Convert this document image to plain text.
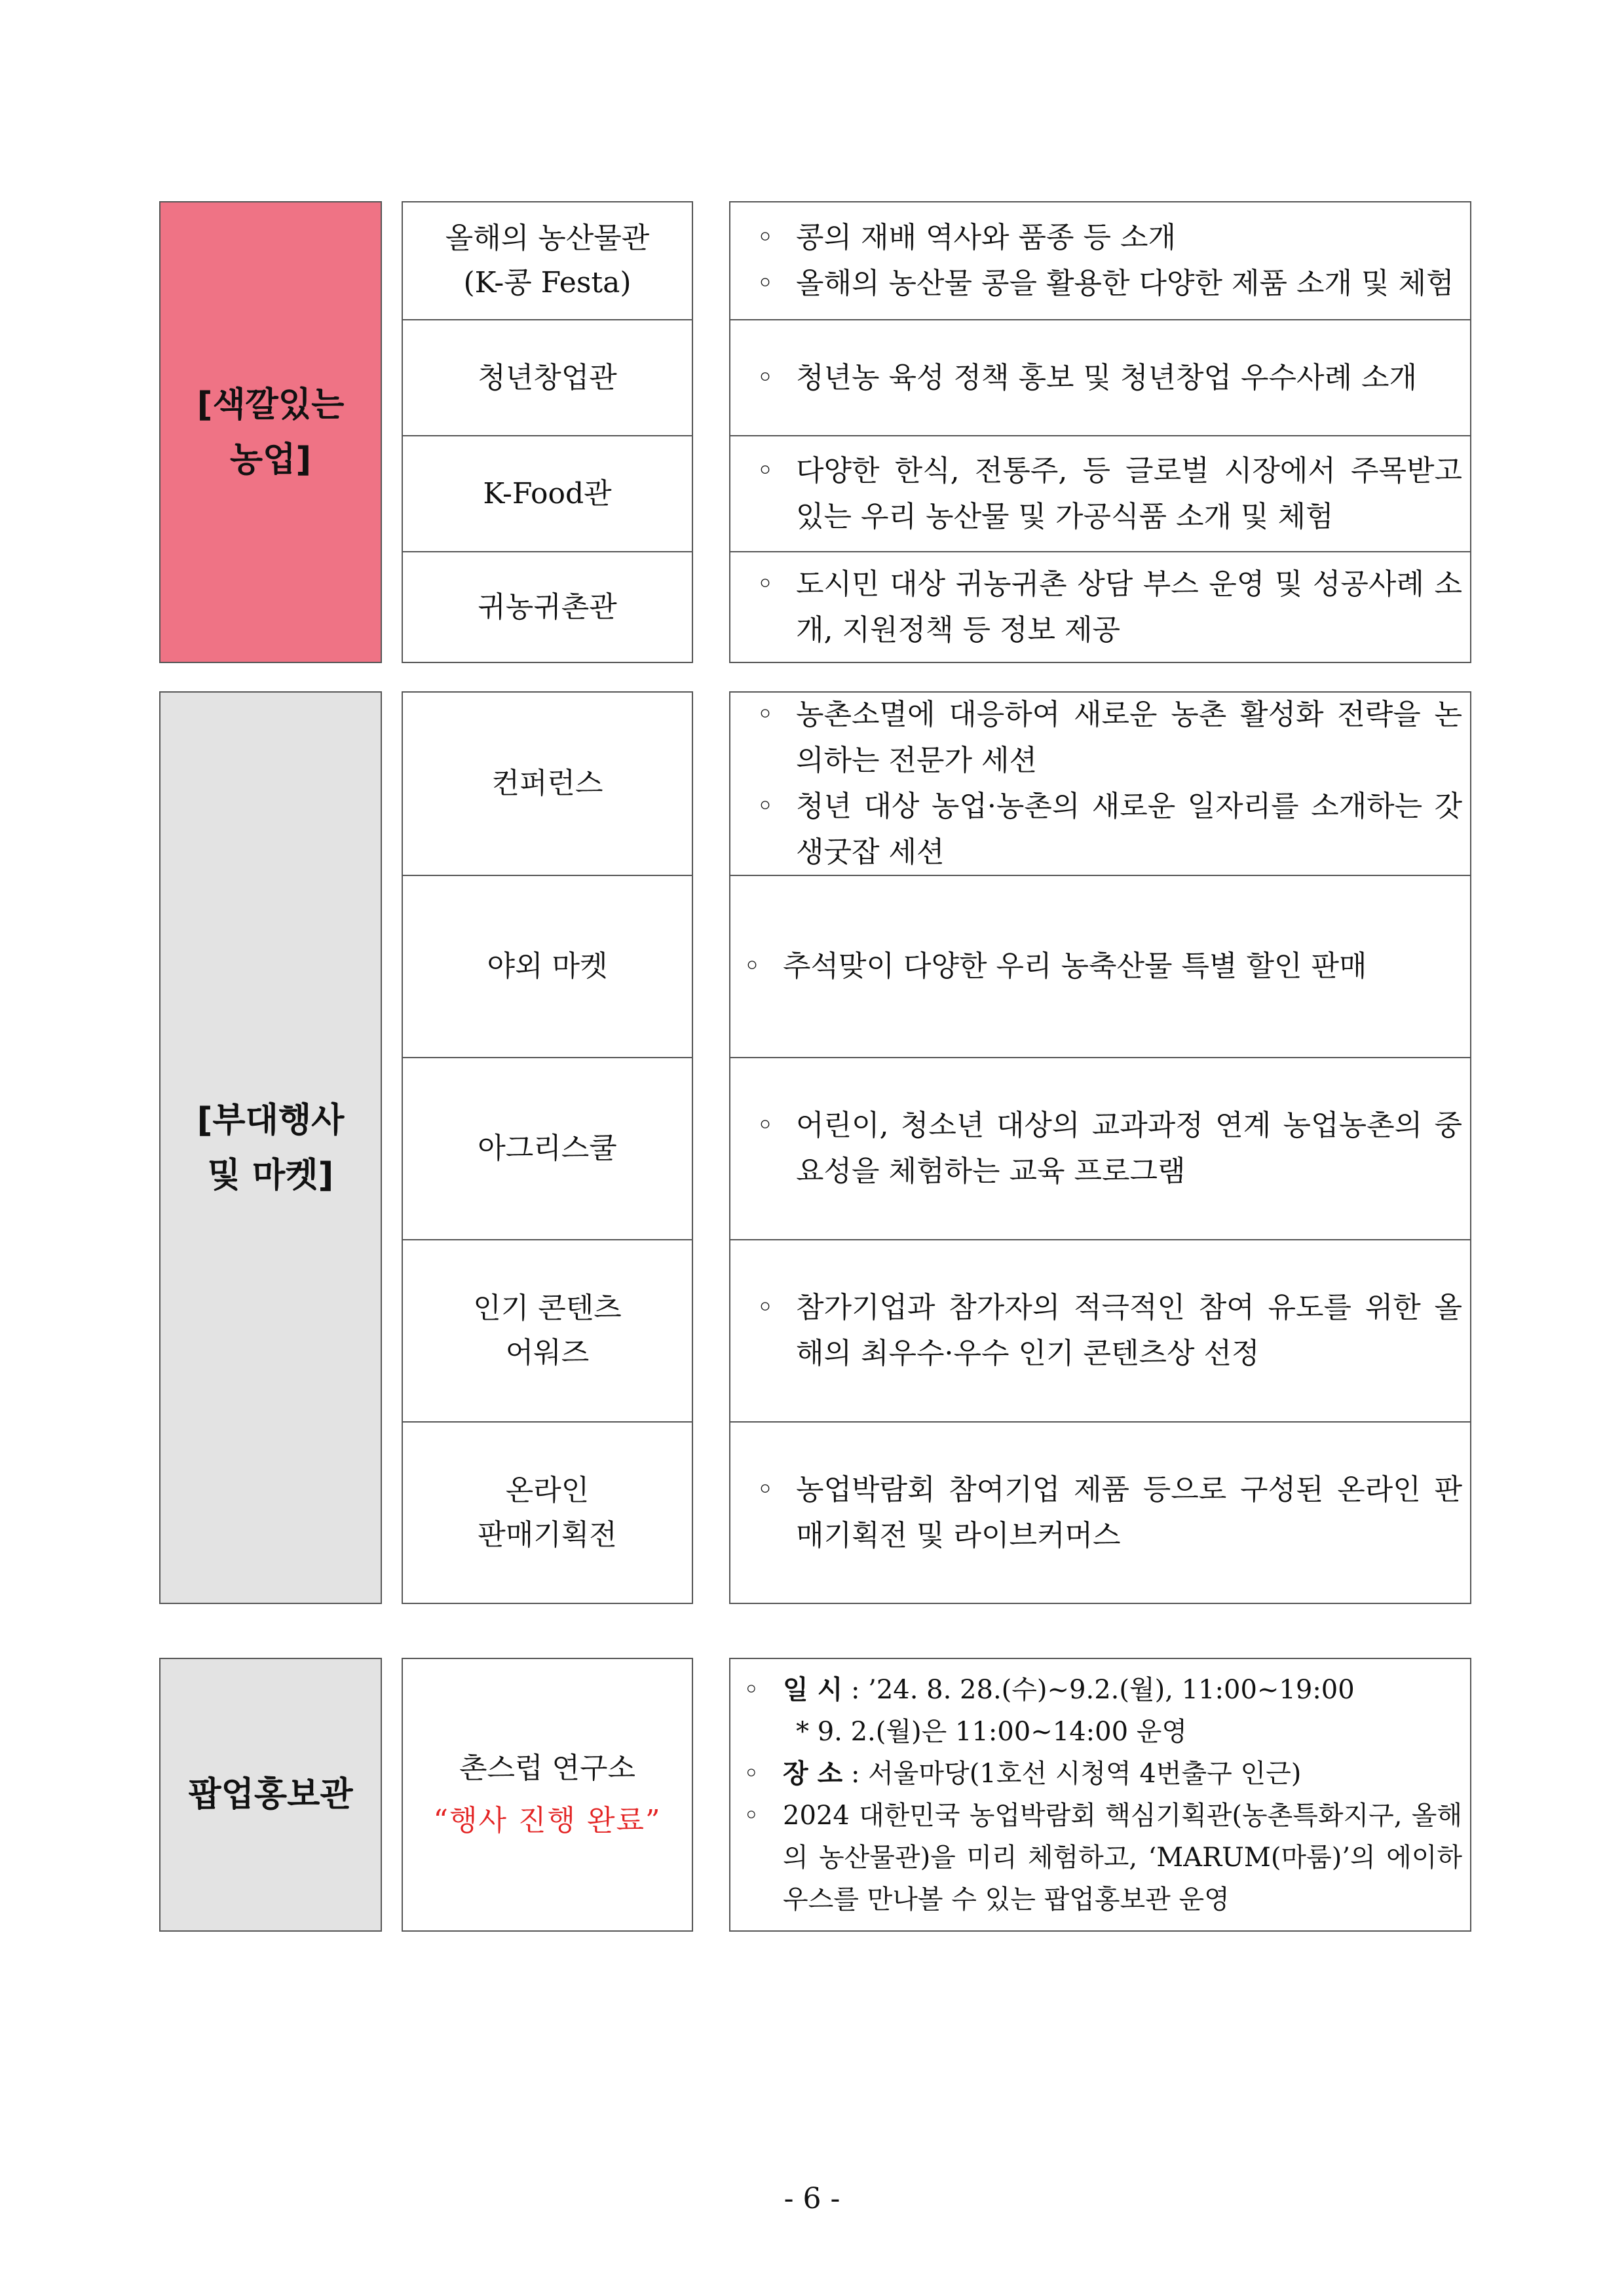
[색깔있는
농업]
올해의 농산물관
(K-콩 Festa)
청년창업관
K-Food관
귀농귀촌관
◦ 콩의 재배 역사와 품종 등 소개
◦ 올해의 농산물 콩을 활용한 다양한 제품 소개 및 체험
◦ 청년농 육성 정책 홍보 및 청년창업 우수사례 소개
◦ 다양한 한식, 전통주, 등 글로벌 시장에서 주목받고 있는 우리 농산물 및 가공식품 소개 및 체험
◦ 도시민 대상 귀농귀촌 상담 부스 운영 및 성공사례 소개, 지원정책 등 정보 제공
[부대행사
및 마켓]
컨퍼런스
야외 마켓
아그리스쿨
인기 콘텐츠
어워즈
온라인
판매기획전
◦ 농촌소멸에 대응하여 새로운 농촌 활성화 전략을 논의하는 전문가 세션
◦ 청년 대상 농업·농촌의 새로운 일자리를 소개하는 갓생굿잡 세션
◦ 추석맞이 다양한 우리 농축산물 특별 할인 판매
◦ 어린이, 청소년 대상의 교과과정 연계 농업농촌의 중요성을 체험하는 교육 프로그램
◦ 참가기업과 참가자의 적극적인 참여 유도를 위한 올해의 최우수·우수 인기 콘텐츠상 선정
◦ 농업박람회 참여기업 제품 등으로 구성된 온라인 판매기획전 및 라이브커머스
팝업홍보관
촌스럽 연구소
“행사 진행 완료”
◦ 일 시 : ’24. 8. 28.(수)~9.2.(월), 11:00~19:00
* 9. 2.(월)은 11:00~14:00 운영
◦ 장 소 : 서울마당(1호선 시청역 4번출구 인근)
◦ 2024 대한민국 농업박람회 핵심기획관(농촌특화지구, 올해의 농산물관)을 미리 체험하고, ‘MARUM(마룸)’의 에이하우스를 만나볼 수 있는 팝업홍보관 운영
- 6 -
